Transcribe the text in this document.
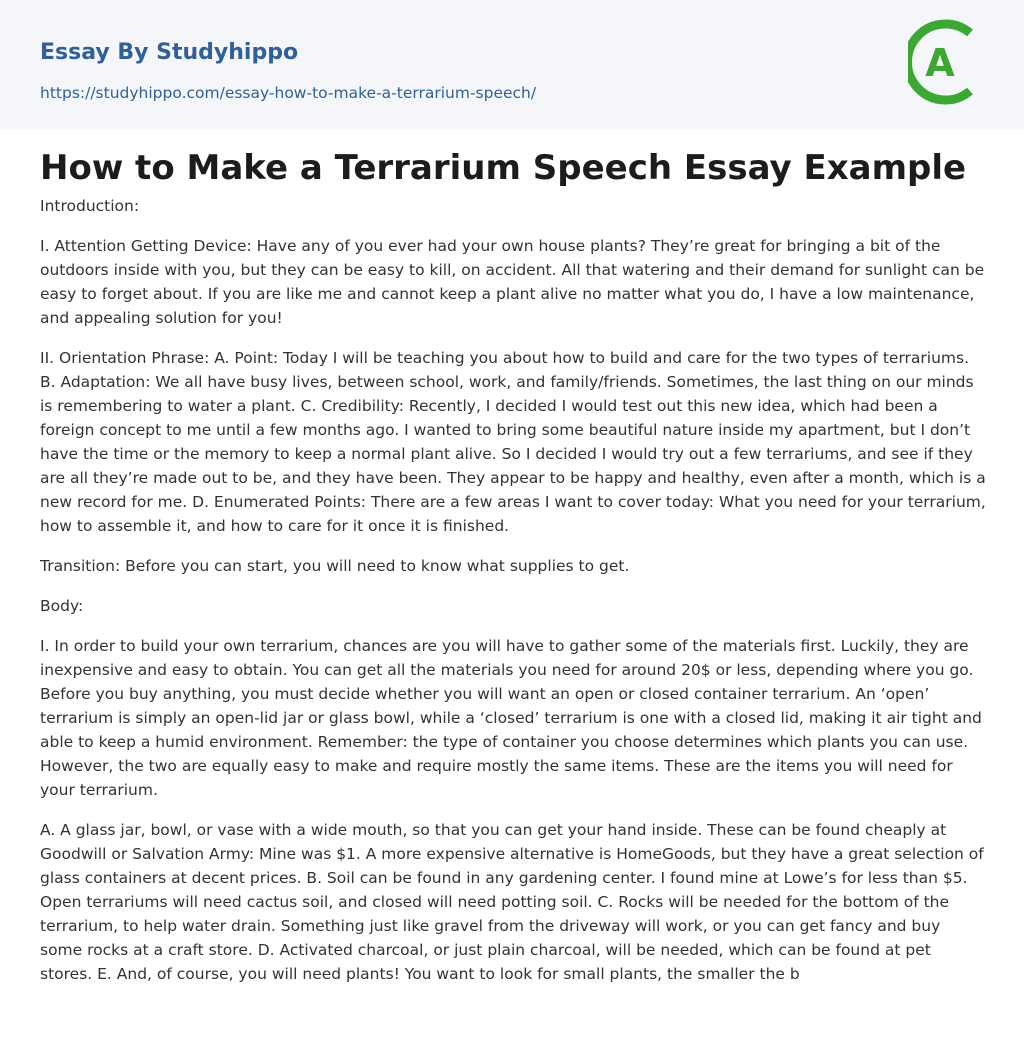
Essay By Studyhippo
https://studyhippo.com/essay-how-to-make-a-terrarium-speech/
A
How to Make a Terrarium Speech Essay Example

Introduction:

I. Attention Getting Device: Have any of you ever had your own house plants? They’re great for bringing a bit of the outdoors inside with you, but they can be easy to kill, on accident. All that watering and their demand for sunlight can be easy to forget about. If you are like me and cannot keep a plant alive no matter what you do, I have a low maintenance, and appealing solution for you!

II. Orientation Phrase: A. Point: Today I will be teaching you about how to build and care for the two types of terrariums. B. Adaptation: We all have busy lives, between school, work, and family/friends. Sometimes, the last thing on our minds is remembering to water a plant. C. Credibility: Recently, I decided I would test out this new idea, which had been a foreign concept to me until a few months ago. I wanted to bring some beautiful nature inside my apartment, but I don’t have the time or the memory to keep a normal plant alive. So I decided I would try out a few terrariums, and see if they are all they’re made out to be, and they have been. They appear to be happy and healthy, even after a month, which is a new record for me. D. Enumerated Points: There are a few areas I want to cover today: What you need for your terrarium, how to assemble it, and how to care for it once it is finished.

Transition: Before you can start, you will need to know what supplies to get.

Body:

I. In order to build your own terrarium, chances are you will have to gather some of the materials first. Luckily, they are inexpensive and easy to obtain. You can get all the materials you need for around 20$ or less, depending where you go. Before you buy anything, you must decide whether you will want an open or closed container terrarium. An ‘open’ terrarium is simply an open-lid jar or glass bowl, while a ‘closed’ terrarium is one with a closed lid, making it air tight and able to keep a humid environment. Remember: the type of container you choose determines which plants you can use. However, the two are equally easy to make and require mostly the same items. These are the items you will need for your terrarium.

A. A glass jar, bowl, or vase with a wide mouth, so that you can get your hand inside. These can be found cheaply at Goodwill or Salvation Army: Mine was $1. A more expensive alternative is HomeGoods, but they have a great selection of glass containers at decent prices. B. Soil can be found in any gardening center. I found mine at Lowe’s for less than $5. Open terrariums will need cactus soil, and closed will need potting soil. C. Rocks will be needed for the bottom of the terrarium, to help water drain. Something just like gravel from the driveway will work, or you can get fancy and buy some rocks at a craft store. D. Activated charcoal, or just plain charcoal, will be needed, which can be found at pet stores. E. And, of course, you will need plants! You want to look for small plants, the smaller the b
